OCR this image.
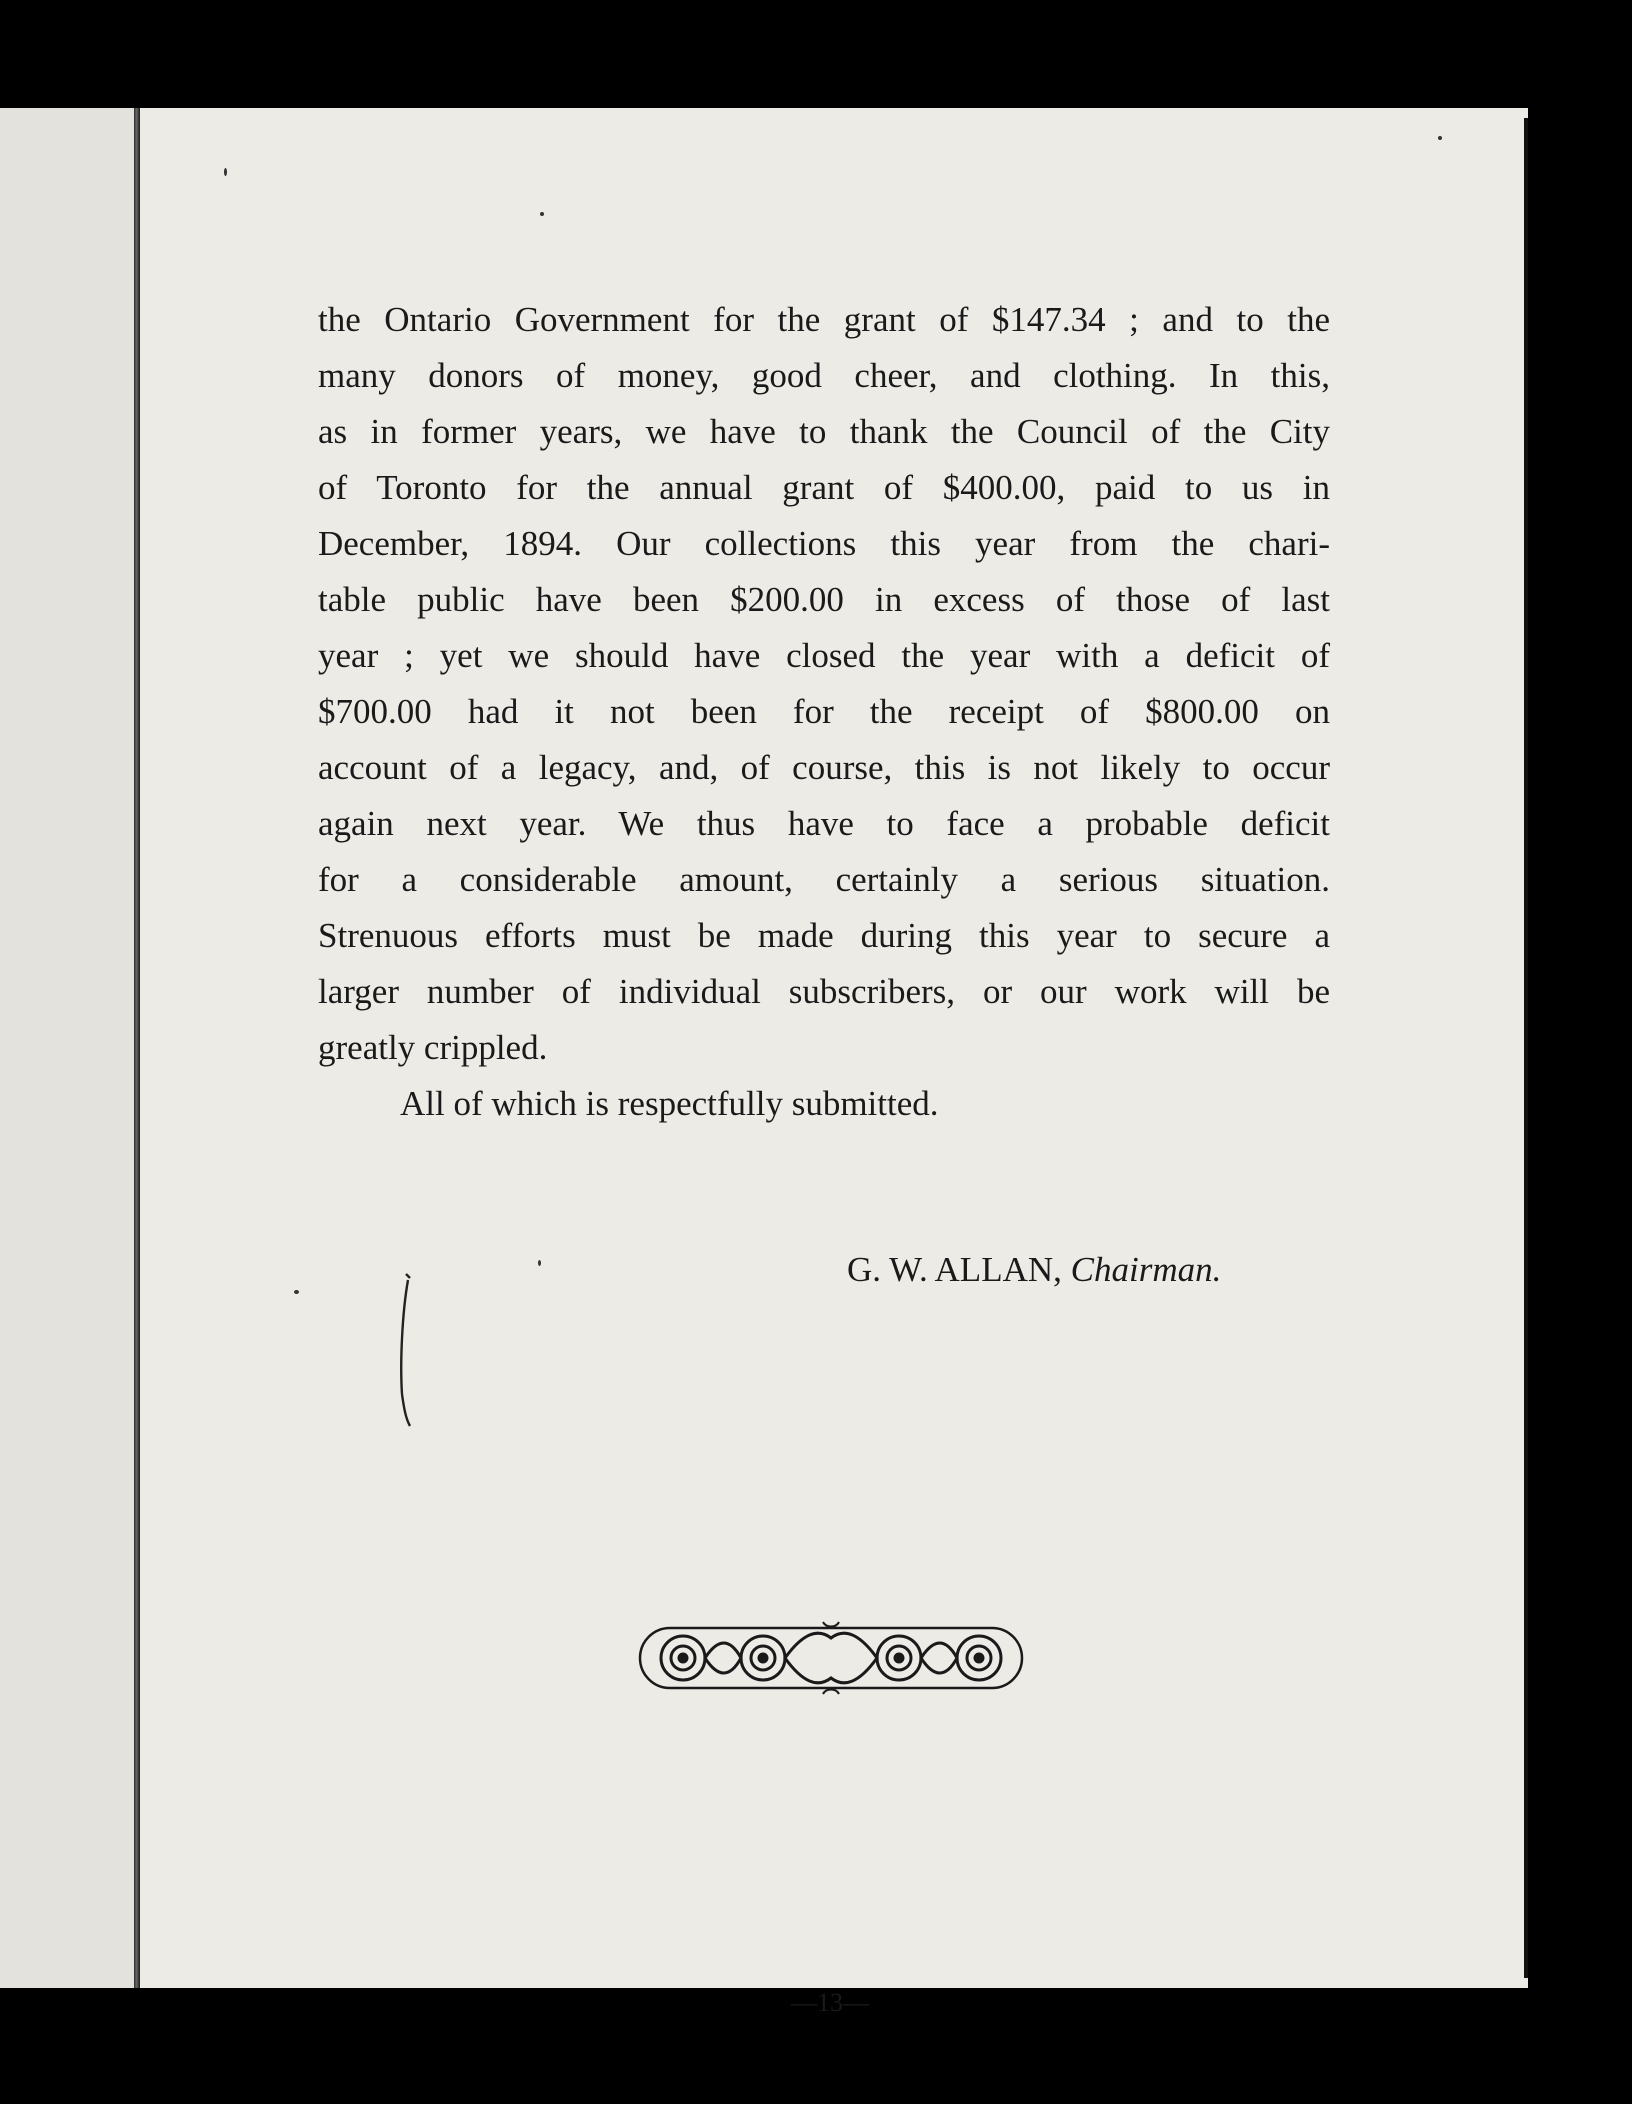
the Ontario Government for the grant of $147.34 ; and to the
many donors of money, good cheer, and clothing. In this,
as in former years, we have to thank the Council of the City
of Toronto for the annual grant of $400.00, paid to us in
December, 1894. Our collections this year from the chari-
table public have been $200.00 in excess of those of last
year ; yet we should have closed the year with a deficit of
$700.00 had it not been for the receipt of $800.00 on
account of a legacy, and, of course, this is not likely to occur
again next year. We thus have to face a probable deficit
for a considerable amount, certainly a serious situation.
Strenuous efforts must be made during this year to secure a
larger number of individual subscribers, or our work will be
greatly crippled.
All of which is respectfully submitted.
G. W. ALLAN, Chairman.
—13—
